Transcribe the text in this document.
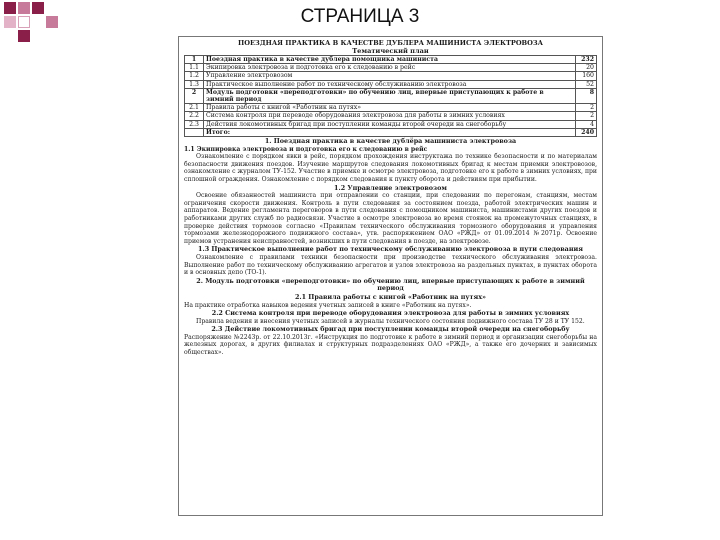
СТРАНИЦА 3
ПОЕЗДНАЯ ПРАКТИКА В КАЧЕСТВЕ ДУБЛЕРА МАШИНИСТА ЭЛЕКТРОВОЗА
Тематический план
1	Поездная практика в качестве дублера помощника машиниста	232
1.1	Экипировка электровоза и подготовка его к следованию в рейс	20
1.2	Управление электровозом	160
1.3	Практическое выполнение работ по техническому обслуживанию электровоза	52
2	Модуль подготовки «переподготовки» по обучению лиц, впервые приступающих к работе в зимний период	8
2.1	Правила работы с книгой «Работник на путях»	2
2.2	Система контроля при переводе оборудования электровоза для работы в зимних условиях	2
2.3	Действия локомотивных бригад при поступлении команды второй очереди на снегоборьбу	4
	Итого:	240
1. Поездная практика в качестве дублёра машиниста электровоза
1.1 Экипировка электровоза и подготовка его к следованию в рейс

Ознакомление с порядком явки в рейс, порядком прохождения инструктажа по технике безопасности и по материалам безопасности движения поездов. Изучение маршрутов следования локомотивных бригад к местам приемки электровозов, ознакомление с журналом ТУ-152. Участие в приемке и осмотре электровоза, подготовке его к работе в зимних условиях, при сплошной ограждения. Ознакомление с порядком следования к пункту оборота и действиям при прибытии.

1.2 Управление электровозом

Освоение обязанностей машиниста при отправлении со станции, при следовании по перегонам, станциям, местам ограничения скорости движения. Контроль в пути следования за состоянием поезда, работой электрических машин и аппаратов. Ведение регламента переговоров в пути следования с помощником машиниста, машинистами других поездов и работниками других служб по радиосвязи. Участие в осмотре электровоза во время стоянок на промежуточных станциях, в проверке действия тормозов согласно «Правилам технического обслуживания тормозного оборудования и управления тормозами железнодорожного подвижного состава», утв. распоряжением ОАО «РЖД» от 01.09.2014 №2071р. Освоение приемов устранения неисправностей, возникших в пути следования в поезде, на электровозе.

1.3 Практическое выполнение работ по техническому обслуживанию электровоза в пути следования

Ознакомление с правилами техники безопасности при производстве технического обслуживания электровоза. Выполнение работ по техническому обслуживанию агрегатов и узлов электровоза на раздельных пунктах, в пунктах оборота и в основных депо (ТО-1).

2. Модуль подготовки «переподготовки» по обучению лиц, впервые приступающих к работе в зимний период
2.1 Правила работы с книгой «Работник на путях»

На практике отработка навыков ведения учетных записей в книге «Работник на путях».

2.2 Система контроля при переводе оборудования электровоза для работы в зимних условиях

Правила ведения и внесения учетных записей в журналы технического состояния подвижного состава ТУ 28 и ТУ 152.

2.3 Действие локомотивных бригад при поступлении команды второй очереди на снегоборьбу

Распоряжение №2243р. от 22.10.2013г. «Инструкция по подготовке к работе в зимний период и организации снегоборьбы на железных дорогах, в других филиалах и структурных подразделениях ОАО «РЖД», а также его дочерних и зависимых обществах».
